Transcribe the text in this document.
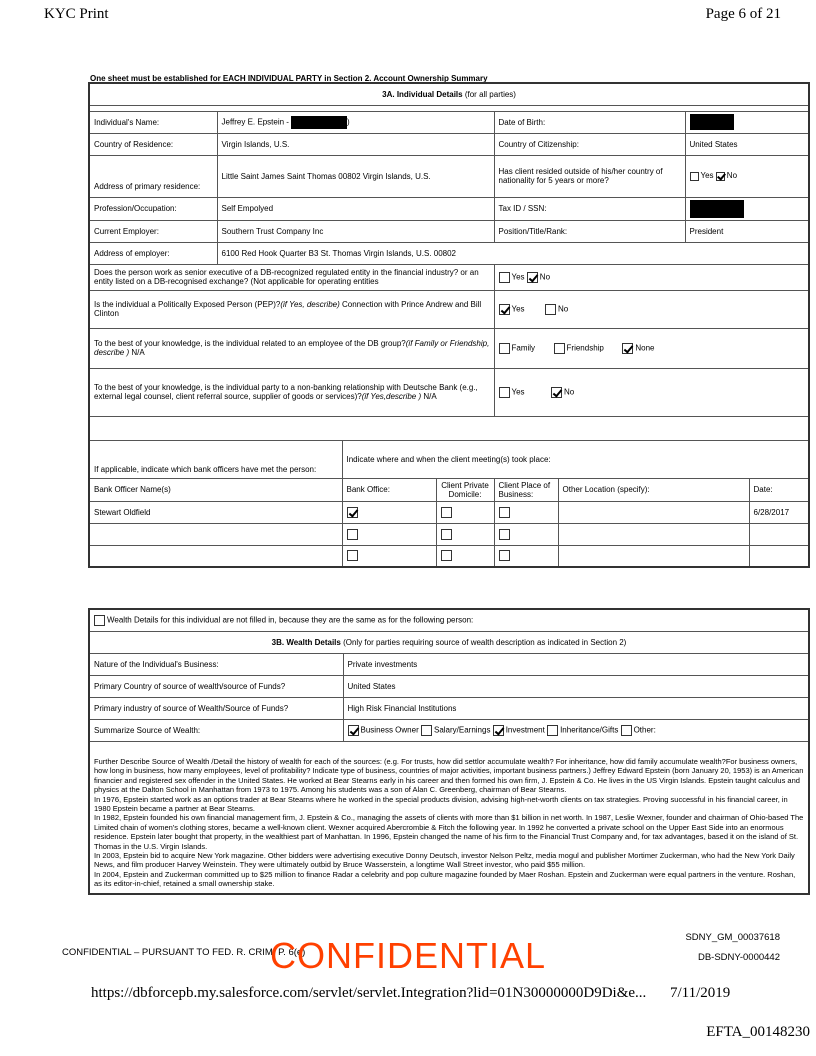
KYC Print	Page 6 of 21
One sheet must be established for EACH INDIVIDUAL PARTY in Section 2. Account Ownership Summary
3A. Individual Details (for all parties)							

Individual's Name:	Jeffrey E. Epstein - )			Date of Birth:			
Country of Residence:	Virgin Islands, U.S.			Country of Citizenship:		United States	
Address of primary residence:	Little Saint James Saint Thomas 00802 Virgin Islands, U.S.			Has client resided outside of his/her country of nationality for 5 years or more?		Yes No	
Profession/Occupation:	Self Empolyed			Tax ID / SSN:			
Current Employer:	Southern Trust Company Inc			Position/Title/Rank:		President	
Address of employer:	6100 Red Hook Quarter B3 St. Thomas Virgin Islands, U.S. 00802						
Does the person work as senior executive of a DB-recognized regulated entity in the financial industry? or an entity listed on a DB-recognised exchange? (Not applicable for operating entities				Yes No			
Is the individual a Politically Exposed Person (PEP)?(if Yes, describe) Connection with Prince Andrew and Bill Clinton				Yes No			
To the best of your knowledge, is the individual related to an employee of the DB group?(if Family or Friendship, describe ) N/A				Family Friendship None			
To the best of your knowledge, is the individual party to a non-banking relationship with Deutsche Bank (e.g., external legal counsel, client referral source, supplier of goods or services)?(if Yes,describe ) N/A				Yes No			

If applicable, indicate which bank officers have met the person:		Indicate where and when the client meeting(s) took place:					
Bank Officer Name(s)		Bank Office:	Client Private Domicile:	Client Place of Business:	Other Location (specify):		Date:
Stewart Oldfield							6/28/2017

Wealth Details for this individual are not filled in, because they are the same as for the following person:	
3B. Wealth Details (Only for parties requiring source of wealth description as indicated in Section 2)	
Nature of the Individual's Business:	Private investments
Primary Country of source of wealth/source of Funds?	United States
Primary industry of source of Wealth/Source of Funds?	High Risk Financial Institutions
Summarize Source of Wealth:	Business Owner Salary/Earnings Investment Inheritance/Gifts Other:

Further Describe Source of Wealth /Detail the history of wealth for each of the sources: (e.g. For trusts, how did settlor accumulate wealth? For inheritance, how did family accumulate wealth?For business owners, how long in business, how many employees, level of profitability? Indicate type of business, countries of major activities, important business partners.) Jeffrey Edward Epstein (born January 20, 1953) is an American financier and registered sex offender in the United States. He worked at Bear Stearns early in his career and then formed his own firm, J. Epstein & Co. He lives in the US Virgin Islands. Epstein taught calculus and physics at the Dalton School in Manhattan from 1973 to 1975. Among his students was a son of Alan C. Greenberg, chairman of Bear Stearns.

In 1976, Epstein started work as an options trader at Bear Stearns where he worked in the special products division, advising high-net-worth clients on tax strategies. Proving successful in his financial career, in 1980 Epstein became a partner at Bear Stearns.

In 1982, Epstein founded his own financial management firm, J. Epstein & Co., managing the assets of clients with more than $1 billion in net worth. In 1987, Leslie Wexner, founder and chairman of Ohio-based The Limited chain of women's clothing stores, became a well-known client. Wexner acquired Abercrombie & Fitch the following year. In 1992 he converted a private school on the Upper East Side into an enormous residence. Epstein later bought that property, in the wealthiest part of Manhattan. In 1996, Epstein changed the name of his firm to the Financial Trust Company and, for tax advantages, based it on the island of St. Thomas in the U.S. Virgin Islands.

In 2003, Epstein bid to acquire New York magazine. Other bidders were advertising executive Donny Deutsch, investor Nelson Peltz, media mogul and publisher Mortimer Zuckerman, who had the New York Daily News, and film producer Harvey Weinstein. They were ultimately outbid by Bruce Wasserstein, a longtime Wall Street investor, who paid $55 million.

In 2004, Epstein and Zuckerman committed up to $25 million to finance Radar a celebrity and pop culture magazine founded by Maer Roshan. Epstein and Zuckerman were equal partners in the venture. Roshan, as its editor-in-chief, retained a small ownership stake.	

SDNY_GM_00037618
DB-SDNY-0000442
CONFIDENTIAL – PURSUANT TO FED. R. CRIM. P. 6(e)
CONFIDENTIAL
https://dbforcepb.my.salesforce.com/servlet/servlet.Integration?lid=01N30000000D9Di&e... 7/11/2019
EFTA_00148230
